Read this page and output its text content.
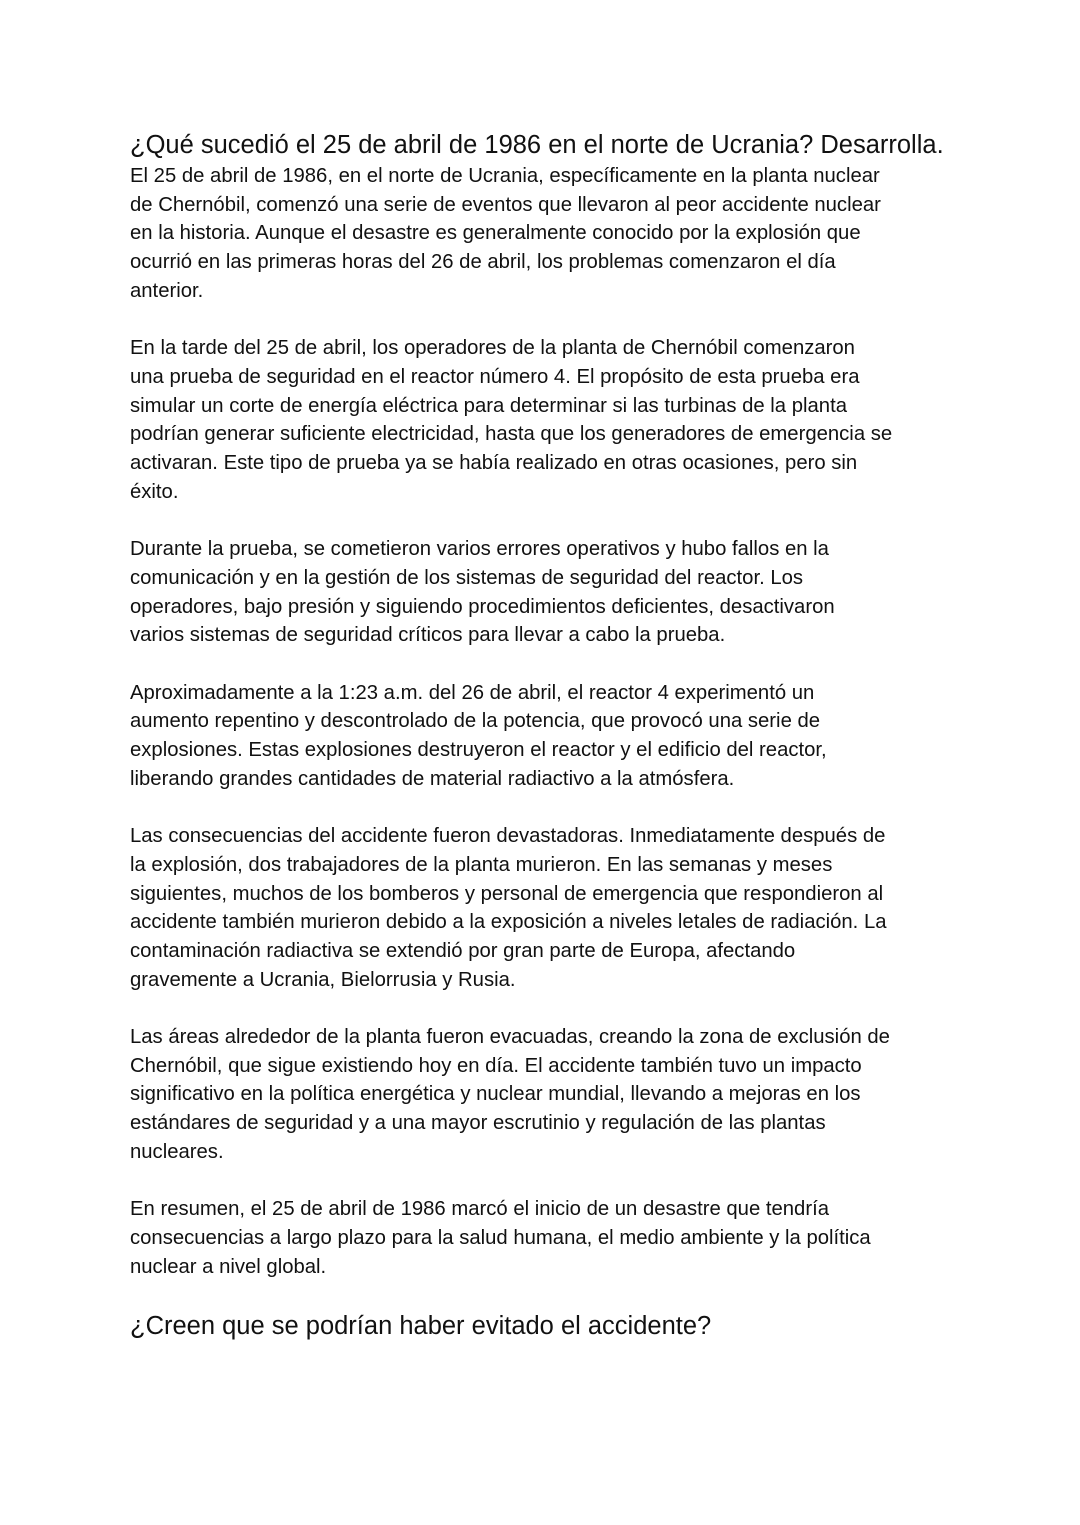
¿Qué sucedió el 25 de abril de 1986 en el norte de Ucrania? Desarrolla.

El 25 de abril de 1986, en el norte de Ucrania, específicamente en la planta nuclear
de Chernóbil, comenzó una serie de eventos que llevaron al peor accidente nuclear
en la historia. Aunque el desastre es generalmente conocido por la explosión que
ocurrió en las primeras horas del 26 de abril, los problemas comenzaron el día
anterior.

En la tarde del 25 de abril, los operadores de la planta de Chernóbil comenzaron
una prueba de seguridad en el reactor número 4. El propósito de esta prueba era
simular un corte de energía eléctrica para determinar si las turbinas de la planta
podrían generar suficiente electricidad, hasta que los generadores de emergencia se
activaran. Este tipo de prueba ya se había realizado en otras ocasiones, pero sin
éxito.

Durante la prueba, se cometieron varios errores operativos y hubo fallos en la
comunicación y en la gestión de los sistemas de seguridad del reactor. Los
operadores, bajo presión y siguiendo procedimientos deficientes, desactivaron
varios sistemas de seguridad críticos para llevar a cabo la prueba.

Aproximadamente a la 1:23 a.m. del 26 de abril, el reactor 4 experimentó un
aumento repentino y descontrolado de la potencia, que provocó una serie de
explosiones. Estas explosiones destruyeron el reactor y el edificio del reactor,
liberando grandes cantidades de material radiactivo a la atmósfera.

Las consecuencias del accidente fueron devastadoras. Inmediatamente después de
la explosión, dos trabajadores de la planta murieron. En las semanas y meses
siguientes, muchos de los bomberos y personal de emergencia que respondieron al
accidente también murieron debido a la exposición a niveles letales de radiación. La
contaminación radiactiva se extendió por gran parte de Europa, afectando
gravemente a Ucrania, Bielorrusia y Rusia.

Las áreas alrededor de la planta fueron evacuadas, creando la zona de exclusión de
Chernóbil, que sigue existiendo hoy en día. El accidente también tuvo un impacto
significativo en la política energética y nuclear mundial, llevando a mejoras en los
estándares de seguridad y a una mayor escrutinio y regulación de las plantas
nucleares.

En resumen, el 25 de abril de 1986 marcó el inicio de un desastre que tendría
consecuencias a largo plazo para la salud humana, el medio ambiente y la política
nuclear a nivel global.

¿Creen que se podrían haber evitado el accidente?
